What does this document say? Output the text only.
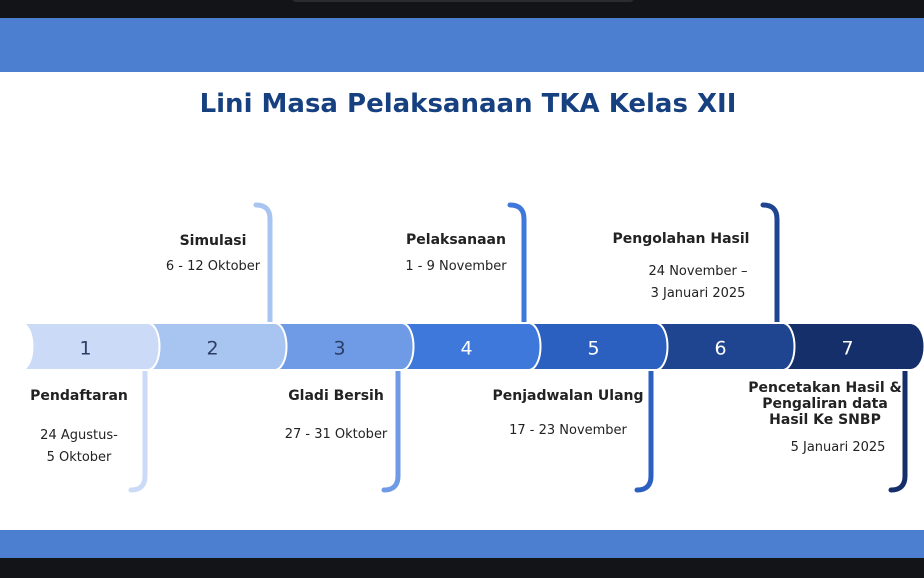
Lini Masa Pelaksanaan TKA Kelas XII
1	2	3	4	5	6	7
Pendaftaran
24 Agustus-
5 Oktober
Simulasi
6 - 12 Oktober
Gladi Bersih
27 - 31 Oktober
Pelaksanaan
1 - 9 November
Penjadwalan Ulang
17 - 23 November
Pengolahan Hasil
24 November –
3 Januari 2025
Pencetakan Hasil &
Pengaliran data
Hasil Ke SNBP
5 Januari 2025
